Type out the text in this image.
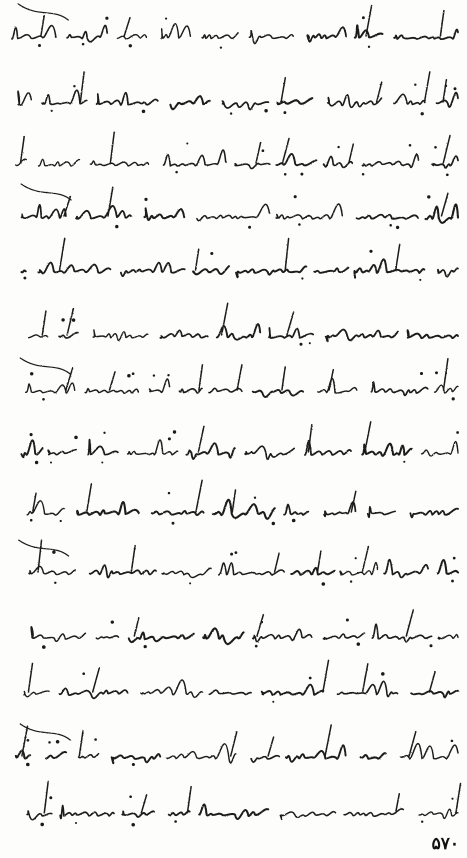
۵۷۰
